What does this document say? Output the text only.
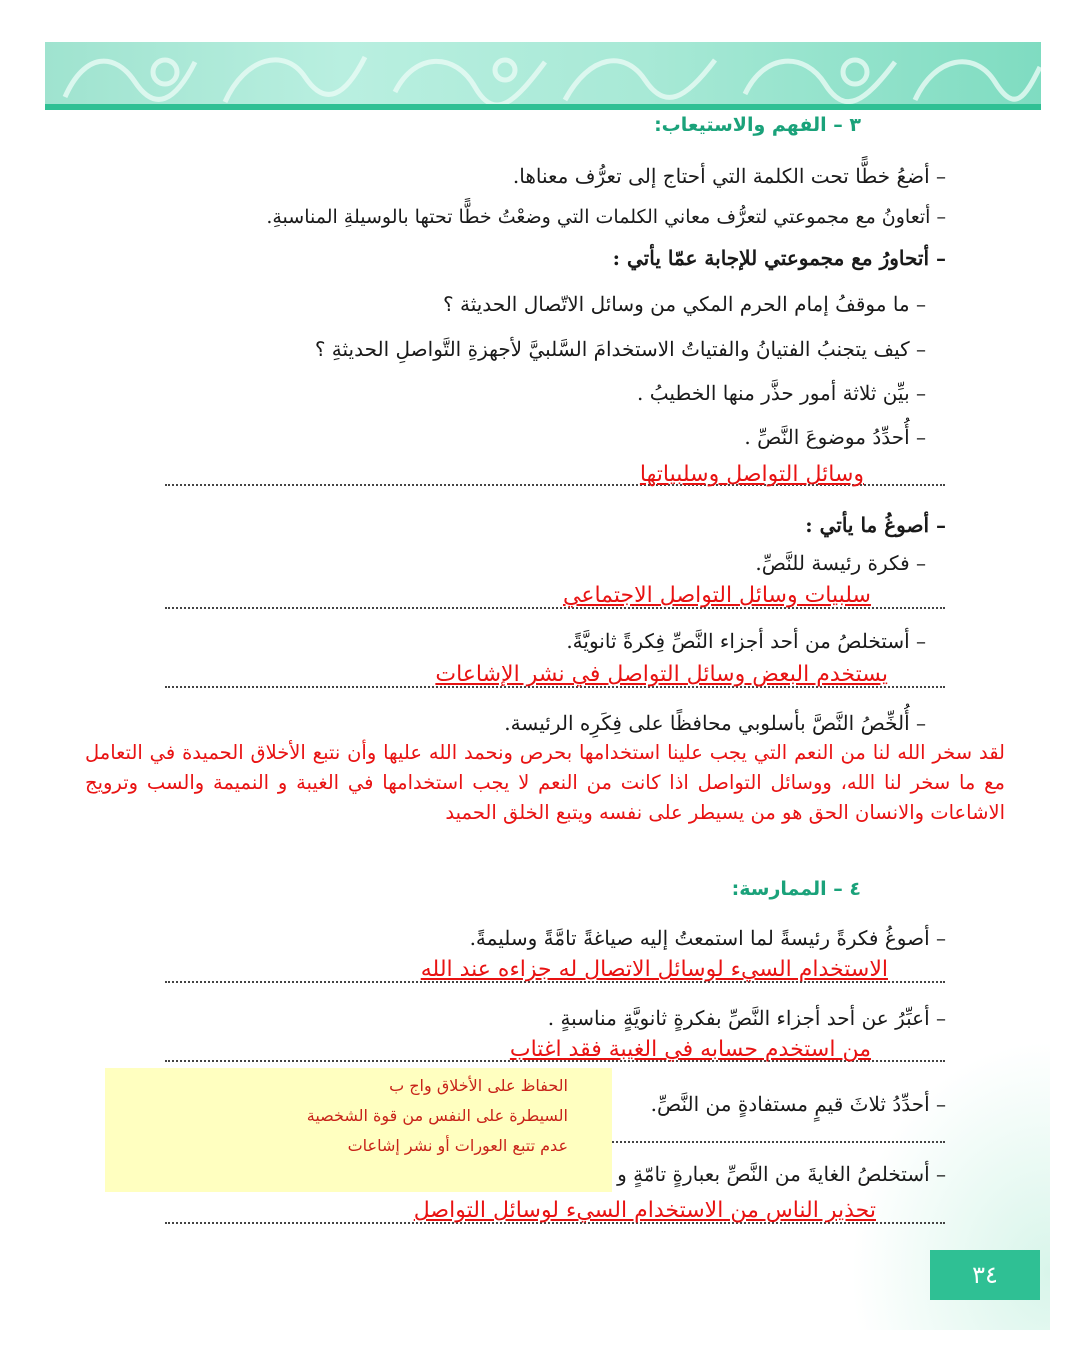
٣ – الفهم والاستيعاب:
– أضعُ خطًّا تحت الكلمة التي أحتاج إلى تعرُّف معناها.
– أتعاونُ مع مجموعتي لتعرُّف معاني الكلمات التي وضعْتُ خطًّا تحتها بالوسيلةِ المناسبةِ.
– أتحاورُ مع مجموعتي للإجابة عمّا يأتي :
– ما موقفُ إمام الحرم المكي من وسائل الاتّصال الحديثة ؟
– كيف يتجنبُ الفتيانُ والفتياتُ الاستخدامَ السَّلبيَّ لأجهزةِ التَّواصلِ الحديثةِ ؟
– بيِّن ثلاثة أمور حذَّر منها الخطيبُ .
– أُحدِّدُ موضوعَ النَّصِّ .
وسائل التواصل وسلبياتها
– أصوغُ ما يأتي :
– فكرة رئيسة للنَّصِّ.
سلبيات وسائل التواصل الاجتماعي
– أستخلصُ من أحد أجزاء النَّصِّ فِكرةً ثانويَّةً.
يستخدم البعض وسائل التواصل في نشر الإشاعات
– أُلخِّصُ النَّصَّ بأسلوبي محافظًا على فِكَرِه الرئيسة.
لقد سخر الله لنا من النعم التي يجب علينا استخدامها بحرص ونحمد الله عليها وأن نتبع الأخلاق الحميدة في التعامل مع ما سخر لنا الله، ووسائل التواصل اذا كانت من النعم لا يجب استخدامها في الغيبة و النميمة والسب وترويج الاشاعات والانسان الحق هو من يسيطر على نفسه ويتبع الخلق الحميد
٤ – الممارسة:
– أصوغُ فكرةً رئيسةً لما استمعتُ إليه صياغةً تامَّةً وسليمةً.
الاستخدام السيء لوسائل الاتصال له جزاءه عند الله
– أعبِّرُ عن أحد أجزاء النَّصِّ بفكرةٍ ثانويَّةٍ مناسبةٍ .
من استخدم حسابه في الغيبة فقد اغتاب
– أحدِّدُ ثلاثَ قيمٍ مستفادةٍ من النَّصِّ.
الحفاظ على الأخلاق واج ب
السيطرة على النفس من قوة الشخصية
عدم تتبع العورات أو نشر إشاعات
– أستخلصُ الغايةَ من النَّصِّ بعبارةٍ تامّةٍ و
تحذير الناس من الاستخدام السيء لوسائل التواصل
٣٤
